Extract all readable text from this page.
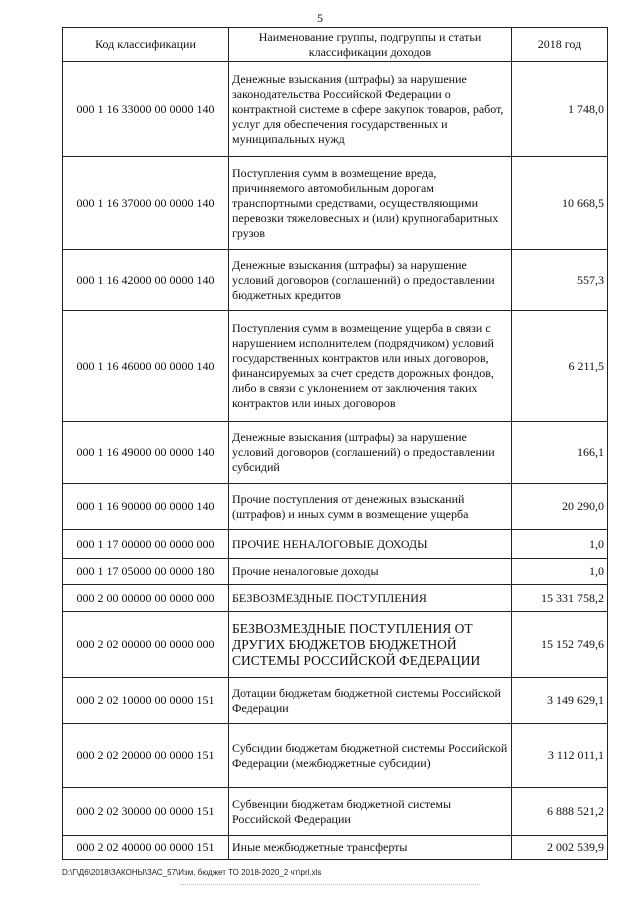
5
Код классификации	Наименование группы, подгруппы и статьи классификации доходов	2018 год
000 1 16 33000 00 0000 140	Денежные взыскания (штрафы) за нарушение законодательства Российской Федерации о контрактной системе в сфере закупок товаров, работ, услуг для обеспечения государственных и муниципальных нужд	1 748,0
000 1 16 37000 00 0000 140	Поступления сумм в возмещение вреда, причиняемого автомобильным дорогам транспортными средствами, осуществляющими перевозки тяжеловесных и (или) крупногабаритных грузов	10 668,5
000 1 16 42000 00 0000 140	Денежные взыскания (штрафы) за нарушение условий договоров (соглашений) о предоставлении бюджетных кредитов	557,3
000 1 16 46000 00 0000 140	Поступления сумм в возмещение ущерба в связи с нарушением исполнителем (подрядчиком) условий государственных контрактов или иных договоров, финансируемых за счет средств дорожных фондов, либо в связи с уклонением от заключения таких контрактов или иных договоров	6 211,5
000 1 16 49000 00 0000 140	Денежные взыскания (штрафы) за нарушение условий договоров (соглашений) о предоставлении субсидий	166,1
000 1 16 90000 00 0000 140	Прочие поступления от денежных взысканий (штрафов) и иных сумм в возмещение ущерба	20 290,0
000 1 17 00000 00 0000 000	ПРОЧИЕ НЕНАЛОГОВЫЕ ДОХОДЫ	1,0
000 1 17 05000 00 0000 180	Прочие неналоговые доходы	1,0
000 2 00 00000 00 0000 000	БЕЗВОЗМЕЗДНЫЕ ПОСТУПЛЕНИЯ	15 331 758,2
000 2 02 00000 00 0000 000	БЕЗВОЗМЕЗДНЫЕ ПОСТУПЛЕНИЯ ОТ ДРУГИХ БЮДЖЕТОВ БЮДЖЕТНОЙ СИСТЕМЫ РОССИЙСКОЙ ФЕДЕРАЦИИ	15 152 749,6
000 2 02 10000 00 0000 151	Дотации бюджетам бюджетной системы Российской Федерации	3 149 629,1
000 2 02 20000 00 0000 151	Субсидии бюджетам бюджетной системы Российской Федерации (межбюджетные субсидии)	3 112 011,1
000 2 02 30000 00 0000 151	Субвенции бюджетам бюджетной системы Российской Федерации	6 888 521,2
000 2 02 40000 00 0000 151	Иные межбюджетные трансферты	2 002 539,9
D:\Г\Д6\2018\ЗАКОНЫ\ЗАС_57\Изм. бюджет ТО 2018-2020_2 чт\prl.xls
